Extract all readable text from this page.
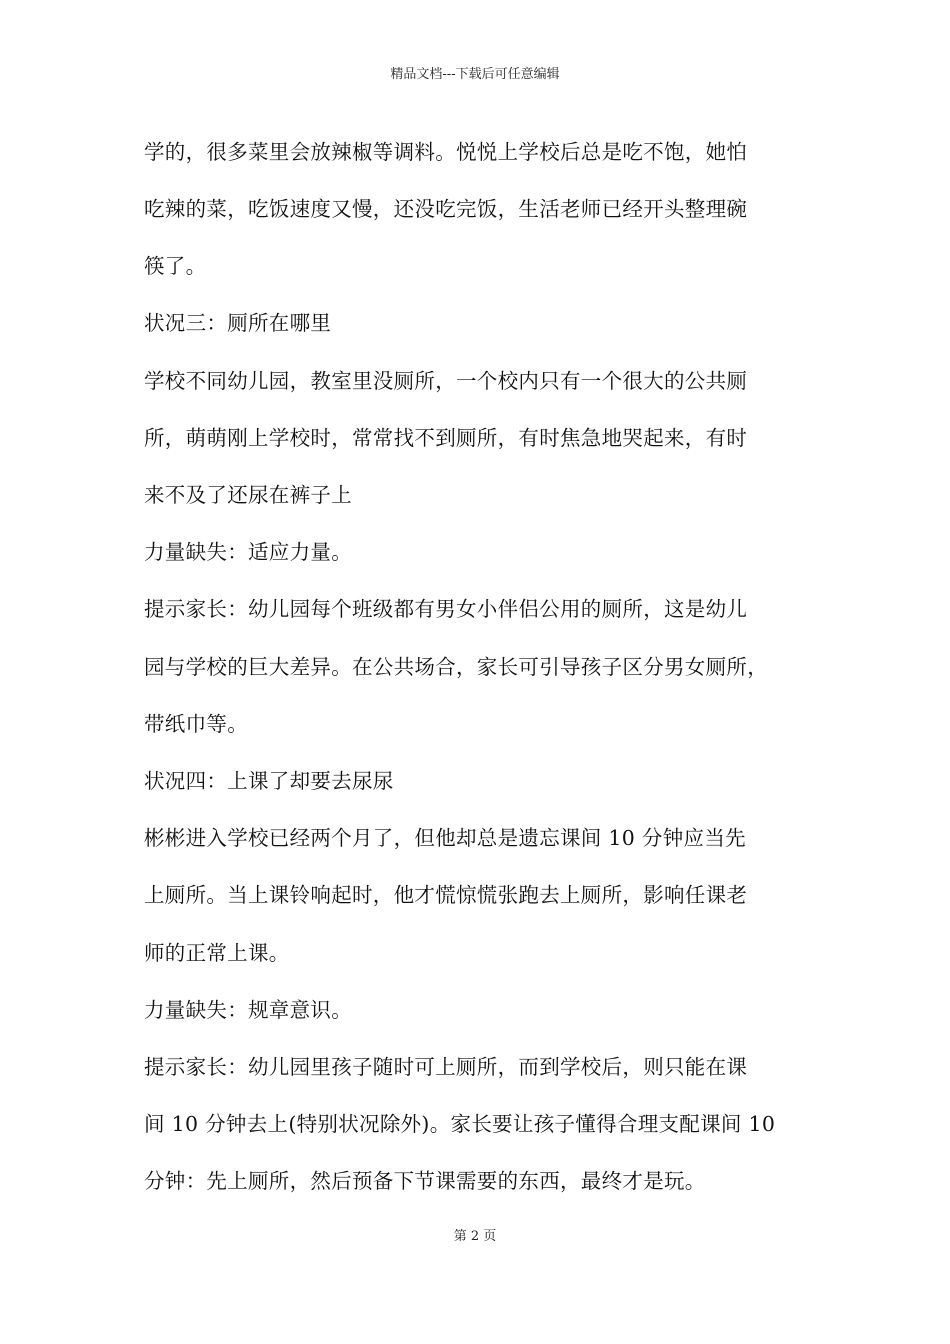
精品文档---下载后可任意编辑
学的，很多菜里会放辣椒等调料。悦悦上学校后总是吃不饱，她怕
吃辣的菜，吃饭速度又慢，还没吃完饭，生活老师已经开头整理碗
筷了。
状况三：厕所在哪里
学校不同幼儿园，教室里没厕所，一个校内只有一个很大的公共厕
所，萌萌刚上学校时，常常找不到厕所，有时焦急地哭起来，有时
来不及了还尿在裤子上
力量缺失：适应力量。
提示家长：幼儿园每个班级都有男女小伴侣公用的厕所，这是幼儿
园与学校的巨大差异。在公共场合，家长可引导孩子区分男女厕所，
带纸巾等。
状况四：上课了却要去尿尿
彬彬进入学校已经两个月了，但他却总是遗忘课间 10 分钟应当先
上厕所。当上课铃响起时，他才慌惊慌张跑去上厕所，影响任课老
师的正常上课。
力量缺失：规章意识。
提示家长：幼儿园里孩子随时可上厕所，而到学校后，则只能在课
间 10 分钟去上(特别状况除外)。家长要让孩子懂得合理支配课间 10
分钟：先上厕所，然后预备下节课需要的东西，最终才是玩。
第 2 页
